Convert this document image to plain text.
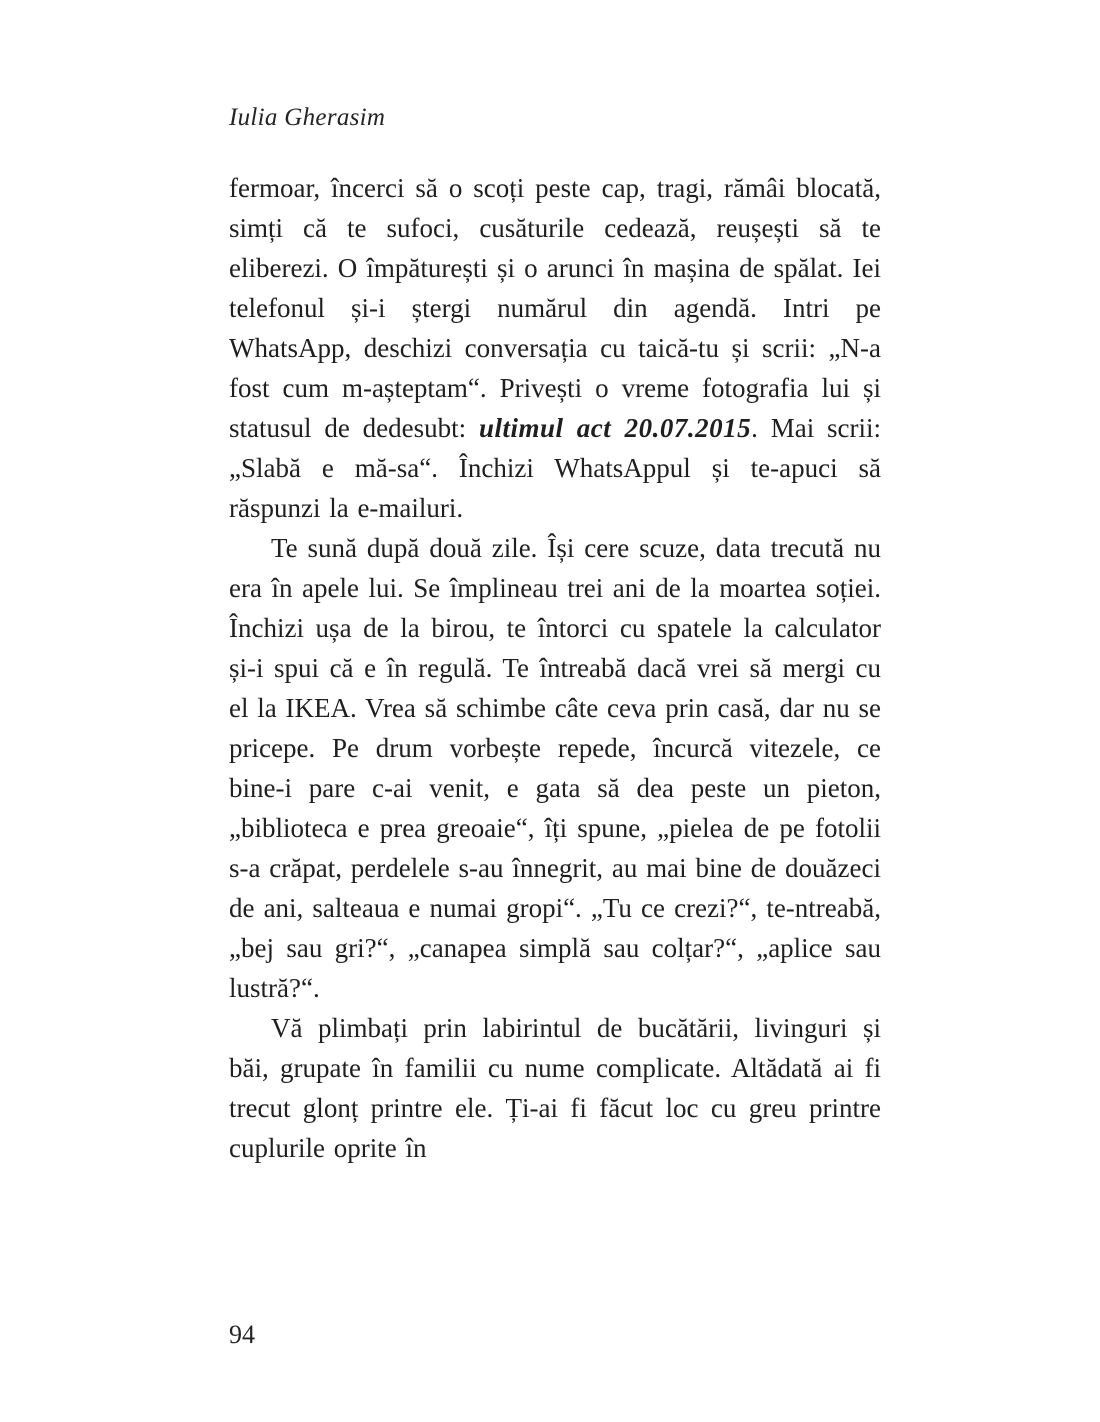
Iulia Gherasim

fermoar, încerci să o scoți peste cap, tragi, rămâi blocată, simți că te sufoci, cusăturile cedează, reușești să te eliberezi. O împăturești și o arunci în mașina de spălat. Iei telefonul și-i ștergi numărul din agendă. Intri pe WhatsApp, deschizi conversația cu taică-tu și scrii: „N-a fost cum m-așteptam“. Privești o vreme fotografia lui și statusul de dedesubt: ultimul act 20.07.2015. Mai scrii: „Slabă e mă-sa“. Închizi WhatsAppul și te-apuci să răspunzi la e-mailuri.

Te sună după două zile. Își cere scuze, data trecută nu era în apele lui. Se împlineau trei ani de la moartea soției. Închizi ușa de la birou, te întorci cu spatele la calculator și-i spui că e în regulă. Te întreabă dacă vrei să mergi cu el la IKEA. Vrea să schimbe câte ceva prin casă, dar nu se pricepe. Pe drum vorbește repede, încurcă vitezele, ce bine-i pare c-ai venit, e gata să dea peste un pieton, „biblioteca e prea greoaie“, îți spune, „pielea de pe fotolii s-a crăpat, perdelele s-au înnegrit, au mai bine de douăzeci de ani, salteaua e numai gropi“. „Tu ce crezi?“, te-ntreabă, „bej sau gri?“, „canapea simplă sau colțar?“, „aplice sau lustră?“.

Vă plimbați prin labirintul de bucătării, livinguri și băi, grupate în familii cu nume complicate. Altădată ai fi trecut glonț printre ele. Ți-ai fi făcut loc cu greu printre cuplurile oprite în

94
